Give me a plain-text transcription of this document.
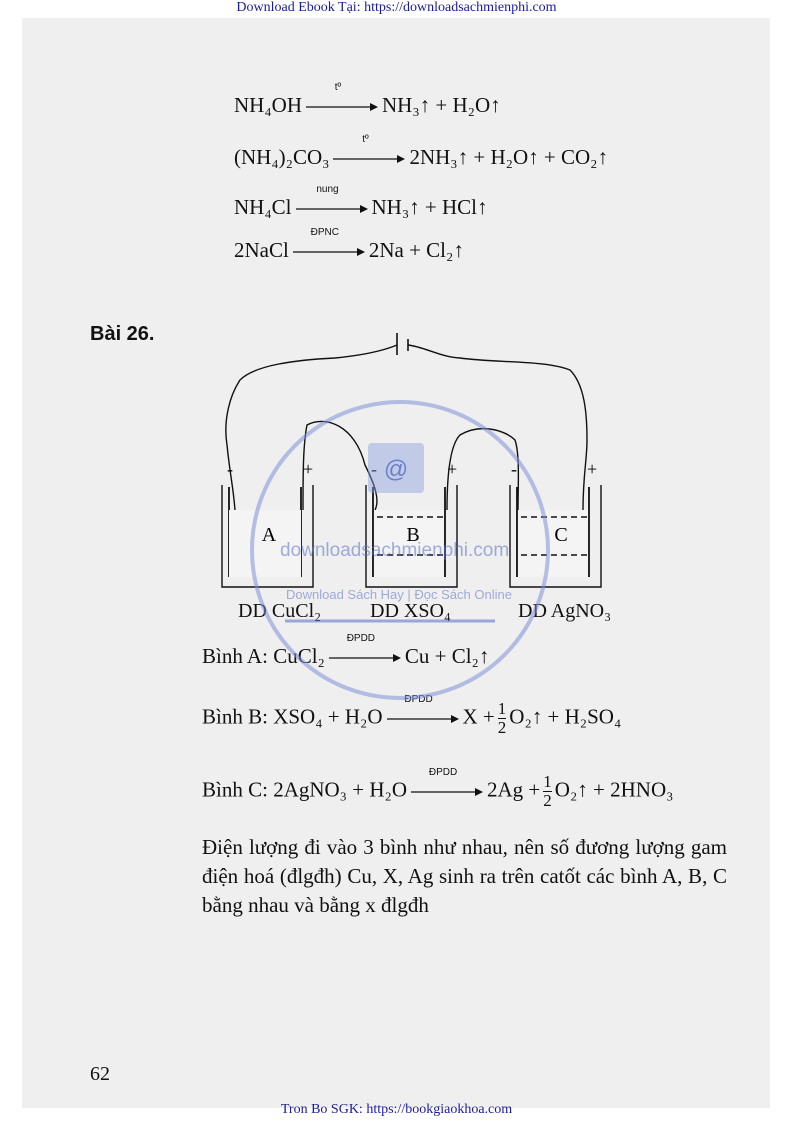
Download Ebook Tại: https://downloadsachmienphi.com
NH₄OH
tº
NH₃↑ + H₂O↑
(NH₄)₂CO₃
tº
2NH₃↑ + H₂O↑ + CO₂↑
NH₄Cl
nung
NH₃↑ + HCl↑
2NaCl
ĐPNC
2Na + Cl₂↑
Bài 26.
A	B	C
-	+	-	+	-	+
DD CuCl₂ DD XSO₄	DD AgNO₃
Bình A: CuCl₂
ĐPDD
Cu + Cl₂↑
Bình B: XSO₄ + H₂O
ĐPDD
$X + \frac{1}{2}$ O₂↑ + H₂SO₄
Bình C: 2AgNO₃ + H₂O
ĐPDD
$2Ag + \frac{1}{2}$ O₂↑ + 2HNO₃
Điện lượng đi vào 3 bình như nhau, nên số đương lượng gam điện hoá (đlgđh) Cu, X, Ag sinh ra trên catốt các bình A, B, C bằng nhau và bằng x đlgđh
62
@
downloadsachmienphi.com
Download Sách Hay | Đọc Sách Online
Tron Bo SGK: https://bookgiaokhoa.com
